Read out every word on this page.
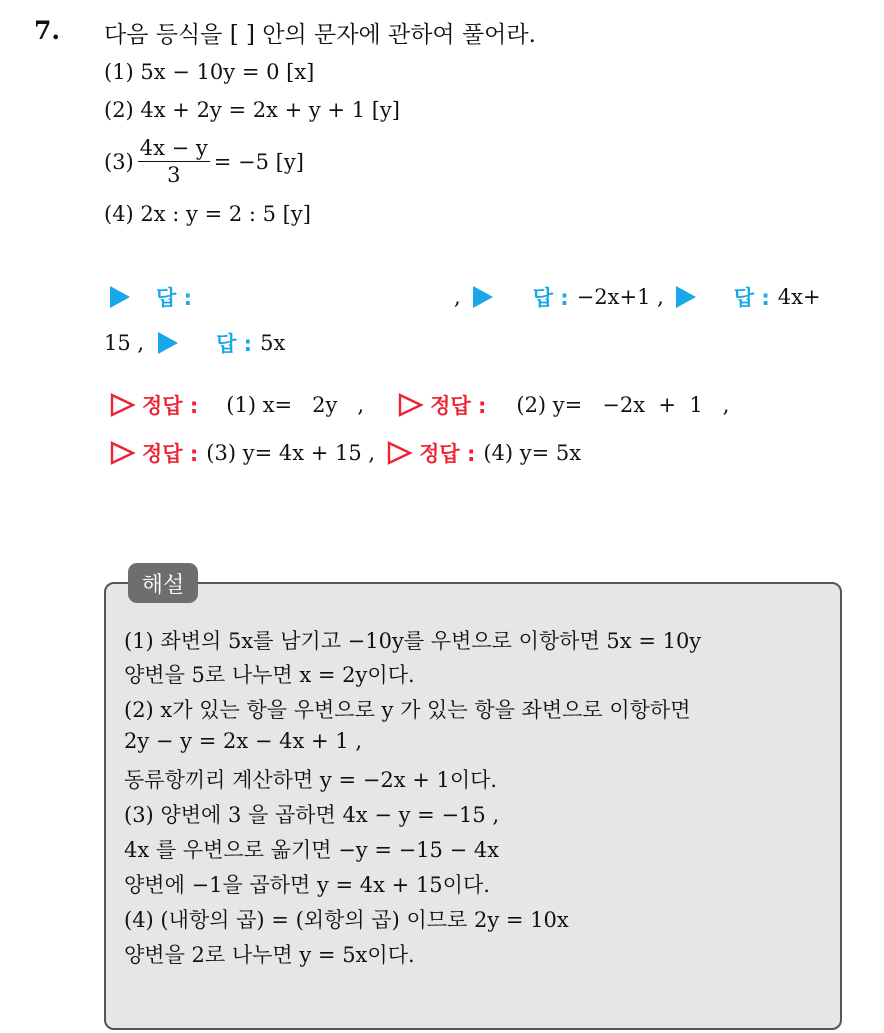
7. 다음 등식을 [ ] 안의 문자에 관하여 풀어라.
(1) 5x − 10y = 0 [x]
(2) 4x + 2y = 2x + y + 1 [y]
$(3) \frac{4x - y}{3} = -5$ [y]
(4) 2x : y = 2 : 5 [y]
답 :	,	답 : −2x+1 ,	답 : 4x+
15 ,	답 : 5x
정답 : (1) x=   2y   ,	정답 : (2) y=   −2x  +  1   ,
정답 : (3) y= 4x + 15 , 정답 : (4) y= 5x
해설
(1) 좌변의 5x를 남기고 −10y를 우변으로 이항하면 5x = 10y
양변을 5로 나누면 x = 2y이다.
(2) x가 있는 항을 우변으로 y 가 있는 항을 좌변으로 이항하면
2y − y = 2x − 4x + 1 ,
동류항끼리 계산하면 y = −2x + 1이다.
(3) 양변에 3 을 곱하면 4x − y = −15 ,
4x 를 우변으로 옮기면 −y = −15 − 4x
양변에 −1을 곱하면 y = 4x + 15이다.
(4) (내항의 곱) = (외항의 곱) 이므로 2y = 10x
양변을 2로 나누면 y = 5x이다.
